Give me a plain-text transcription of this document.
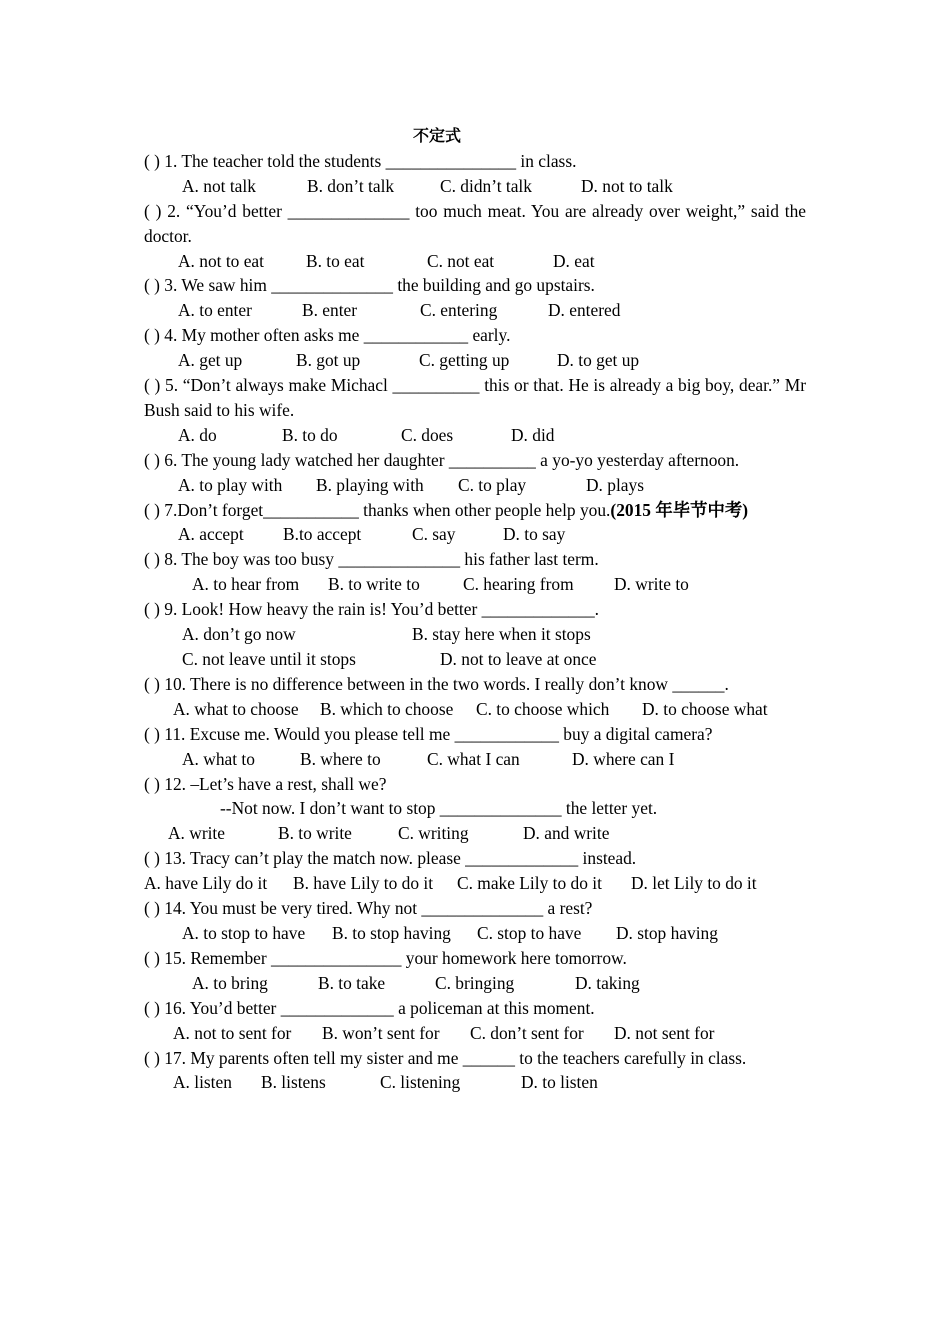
不定式
( ) 1. The teacher told the students _______________ in class.
A. not talk	B. don’t talk	C. didn’t talk	D. not to talk
( ) 2. “You’d better ______________ too much meat. You are already over weight,” said the doctor.
A. not to eat B. to eat	C. not eat	D. eat
( ) 3. We saw him ______________ the building and go upstairs.
A. to enter	B. enter	C. entering	D. entered
( ) 4. My mother often asks me ____________ early.
A. get up	B. got up	C. getting up	D. to get up
( ) 5. “Don’t always make Michacl __________ this or that. He is already a big boy, dear.” Mr Bush said to his wife.
A. do	B. to do	C. does	D. did
( ) 6. The young lady watched her daughter __________ a yo-yo yesterday afternoon.
A. to play with B. playing with C. to play	D. plays
( ) 7.Don’t forget___________ thanks when other people help you.(2015 年毕节中考)
A. accept B.to accept	C. say	D. to say
( ) 8. The boy was too busy ______________ his father last term.
A. to hear from B. to write to C. hearing from D. write to
( ) 9. Look! How heavy the rain is! You’d better _____________.
A. don’t go now	B. stay here when it stops
C. not leave until it stops	D. not to leave at once
( ) 10. There is no difference between in the two words. I really don’t know ______.
A. what to choose B. which to choose C. to choose which D. to choose what
( ) 11. Excuse me. Would you please tell me ____________ buy a digital camera?
A. what to	B. where to	C. what I can	D. where can I
( ) 12. –Let’s have a rest, shall we?
--Not now. I don’t want to stop ______________ the letter yet.
A. write	B. to write	C. writing	D. and write
( ) 13. Tracy can’t play the match now. please _____________ instead.
A. have Lily do it B. have Lily to do it C. make Lily to do it D. let Lily to do it
( ) 14. You must be very tired. Why not ______________ a rest?
A. to stop to have B. to stop having C. stop to have D. stop having
( ) 15. Remember _______________ your homework here tomorrow.
A. to bring	B. to take	C. bringing	D. taking
( ) 16. You’d better _____________ a policeman at this moment.
A. not to sent for B. won’t sent for C. don’t sent for D. not sent for
( ) 17. My parents often tell my sister and me ______ to the teachers carefully in class.
A. listen B. listens	C. listening	D. to listen
